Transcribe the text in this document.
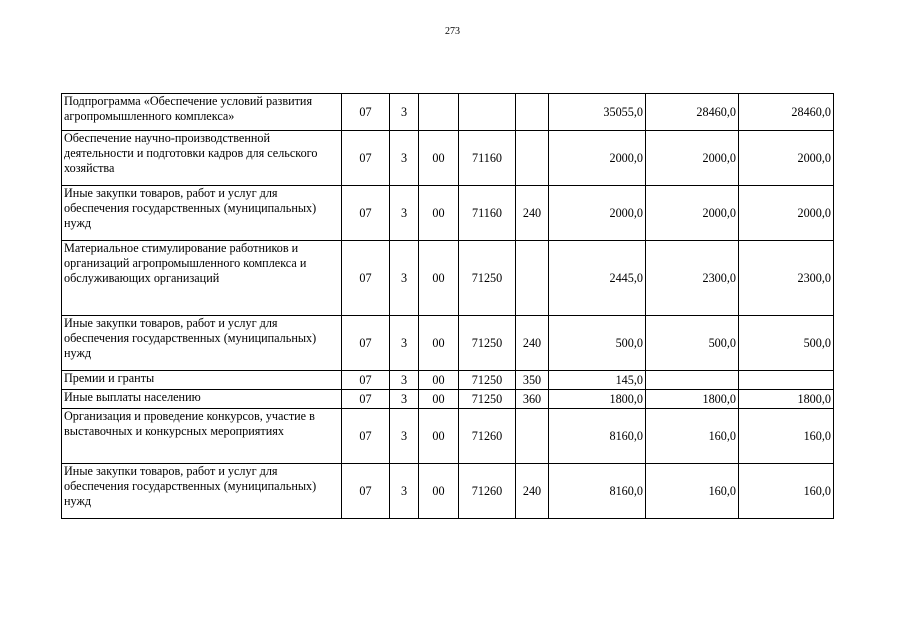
273
Подпрограмма «Обеспечение условий развития агропромышленного комплекса»	07	3				35055,0	28460,0	28460,0
Обеспечение научно-производственной деятельности и подготовки кадров для сельского хозяйства	07	3	00	71160		2000,0	2000,0	2000,0
Иные закупки товаров, работ и услуг для обеспечения государственных (муниципальных) нужд	07	3	00	71160	240	2000,0	2000,0	2000,0
Материальное стимулирование работников и организаций агропромышленного комплекса и обслуживающих организаций	07	3	00	71250		2445,0	2300,0	2300,0
Иные закупки товаров, работ и услуг для обеспечения государственных (муниципальных) нужд	07	3	00	71250	240	500,0	500,0	500,0
Премии и гранты	07	3	00	71250	350	145,0		
Иные выплаты населению	07	3	00	71250	360	1800,0	1800,0	1800,0
Организация и проведение конкурсов, участие в выставочных и конкурсных мероприятиях	07	3	00	71260		8160,0	160,0	160,0
Иные закупки товаров, работ и услуг для обеспечения государственных (муниципальных) нужд	07	3	00	71260	240	8160,0	160,0	160,0
